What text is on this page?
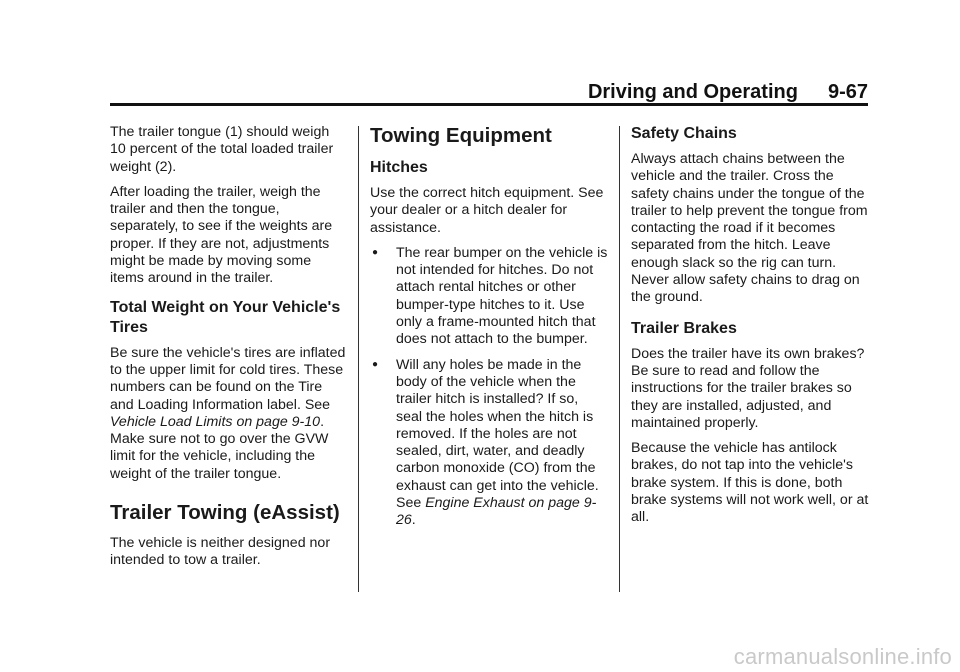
Driving and Operating 9-67

The trailer tongue (1) should weigh 10 percent of the total loaded trailer weight (2).

After loading the trailer, weigh the trailer and then the tongue, separately, to see if the weights are proper. If they are not, adjustments might be made by moving some items around in the trailer.

Total Weight on Your Vehicle's Tires

Be sure the vehicle's tires are inflated to the upper limit for cold tires. These numbers can be found on the Tire and Loading Information label. See Vehicle Load Limits on page 9-10. Make sure not to go over the GVW limit for the vehicle, including the weight of the trailer tongue.

Trailer Towing (eAssist)

The vehicle is neither designed nor intended to tow a trailer.

Towing Equipment
Hitches

Use the correct hitch equipment. See your dealer or a hitch dealer for assistance.

●	The rear bumper on the vehicle is not intended for hitches. Do not attach rental hitches or other bumper-type hitches to it. Use only a frame-mounted hitch that does not attach to the bumper.
●	Will any holes be made in the body of the vehicle when the trailer hitch is installed? If so, seal the holes when the hitch is removed. If the holes are not sealed, dirt, water, and deadly carbon monoxide (CO) from the exhaust can get into the vehicle. See Engine Exhaust on page 9-26.
Safety Chains

Always attach chains between the vehicle and the trailer. Cross the safety chains under the tongue of the trailer to help prevent the tongue from contacting the road if it becomes separated from the hitch. Leave enough slack so the rig can turn. Never allow safety chains to drag on the ground.

Trailer Brakes

Does the trailer have its own brakes? Be sure to read and follow the instructions for the trailer brakes so they are installed, adjusted, and maintained properly.

Because the vehicle has antilock brakes, do not tap into the vehicle's brake system. If this is done, both brake systems will not work well, or at all.

carmanualsonline.info
